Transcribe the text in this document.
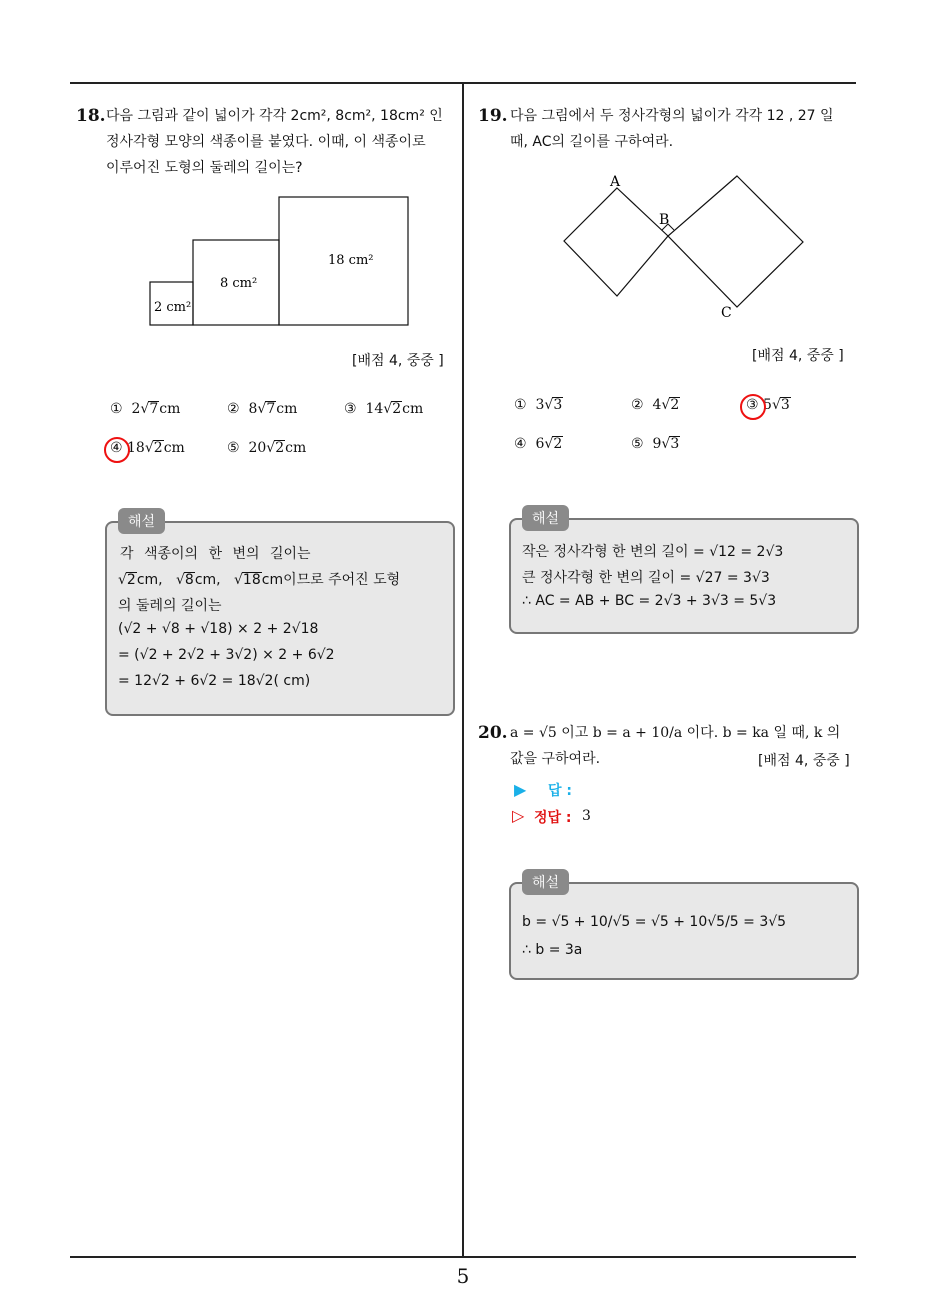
18. 다음 그림과 같이 넓이가 각각 2cm², 8cm², 18cm² 인
정사각형 모양의 색종이를 붙였다. 이때, 이 색종이로
이루어진 도형의 둘레의 길이는?
2 cm²
8 cm²
18 cm²
[배점 4, 중중 ]
① 2√7cm	② 8√7cm	③ 14√2cm
④ 18√2cm	⑤ 20√2cm
해설
각 색종이의 한 변의 길이는
√2cm,   √8cm,   √18cm이므로 주어진 도형
의 둘레의 길이는
(√2 + √8 + √18) × 2 + 2√18
= (√2 + 2√2 + 3√2) × 2 + 6√2
= 12√2 + 6√2 = 18√2( cm)
19. 다음 그림에서 두 정사각형의 넓이가 각각 12 , 27 일
때, AC의 길이를 구하여라.
A
B
C
[배점 4, 중중 ]
① 3√3	② 4√2	③ 5√3
④ 6√2	⑤ 9√3
해설
작은 정사각형 한 변의 길이 = √12 = 2√3
큰 정사각형 한 변의 길이 = √27 = 3√3
∴ AC = AB + BC = 2√3 + 3√3 = 5√3
20. a = √5 이고 b = a + 10/a 이다. b = ka 일 때, k 의
값을 구하여라.	[배점 4, 중중 ]
▶ 답 :
▷ 정답 : 3
해설
b = √5 + 10/√5 = √5 + 10√5/5 = 3√5
∴ b = 3a
5
